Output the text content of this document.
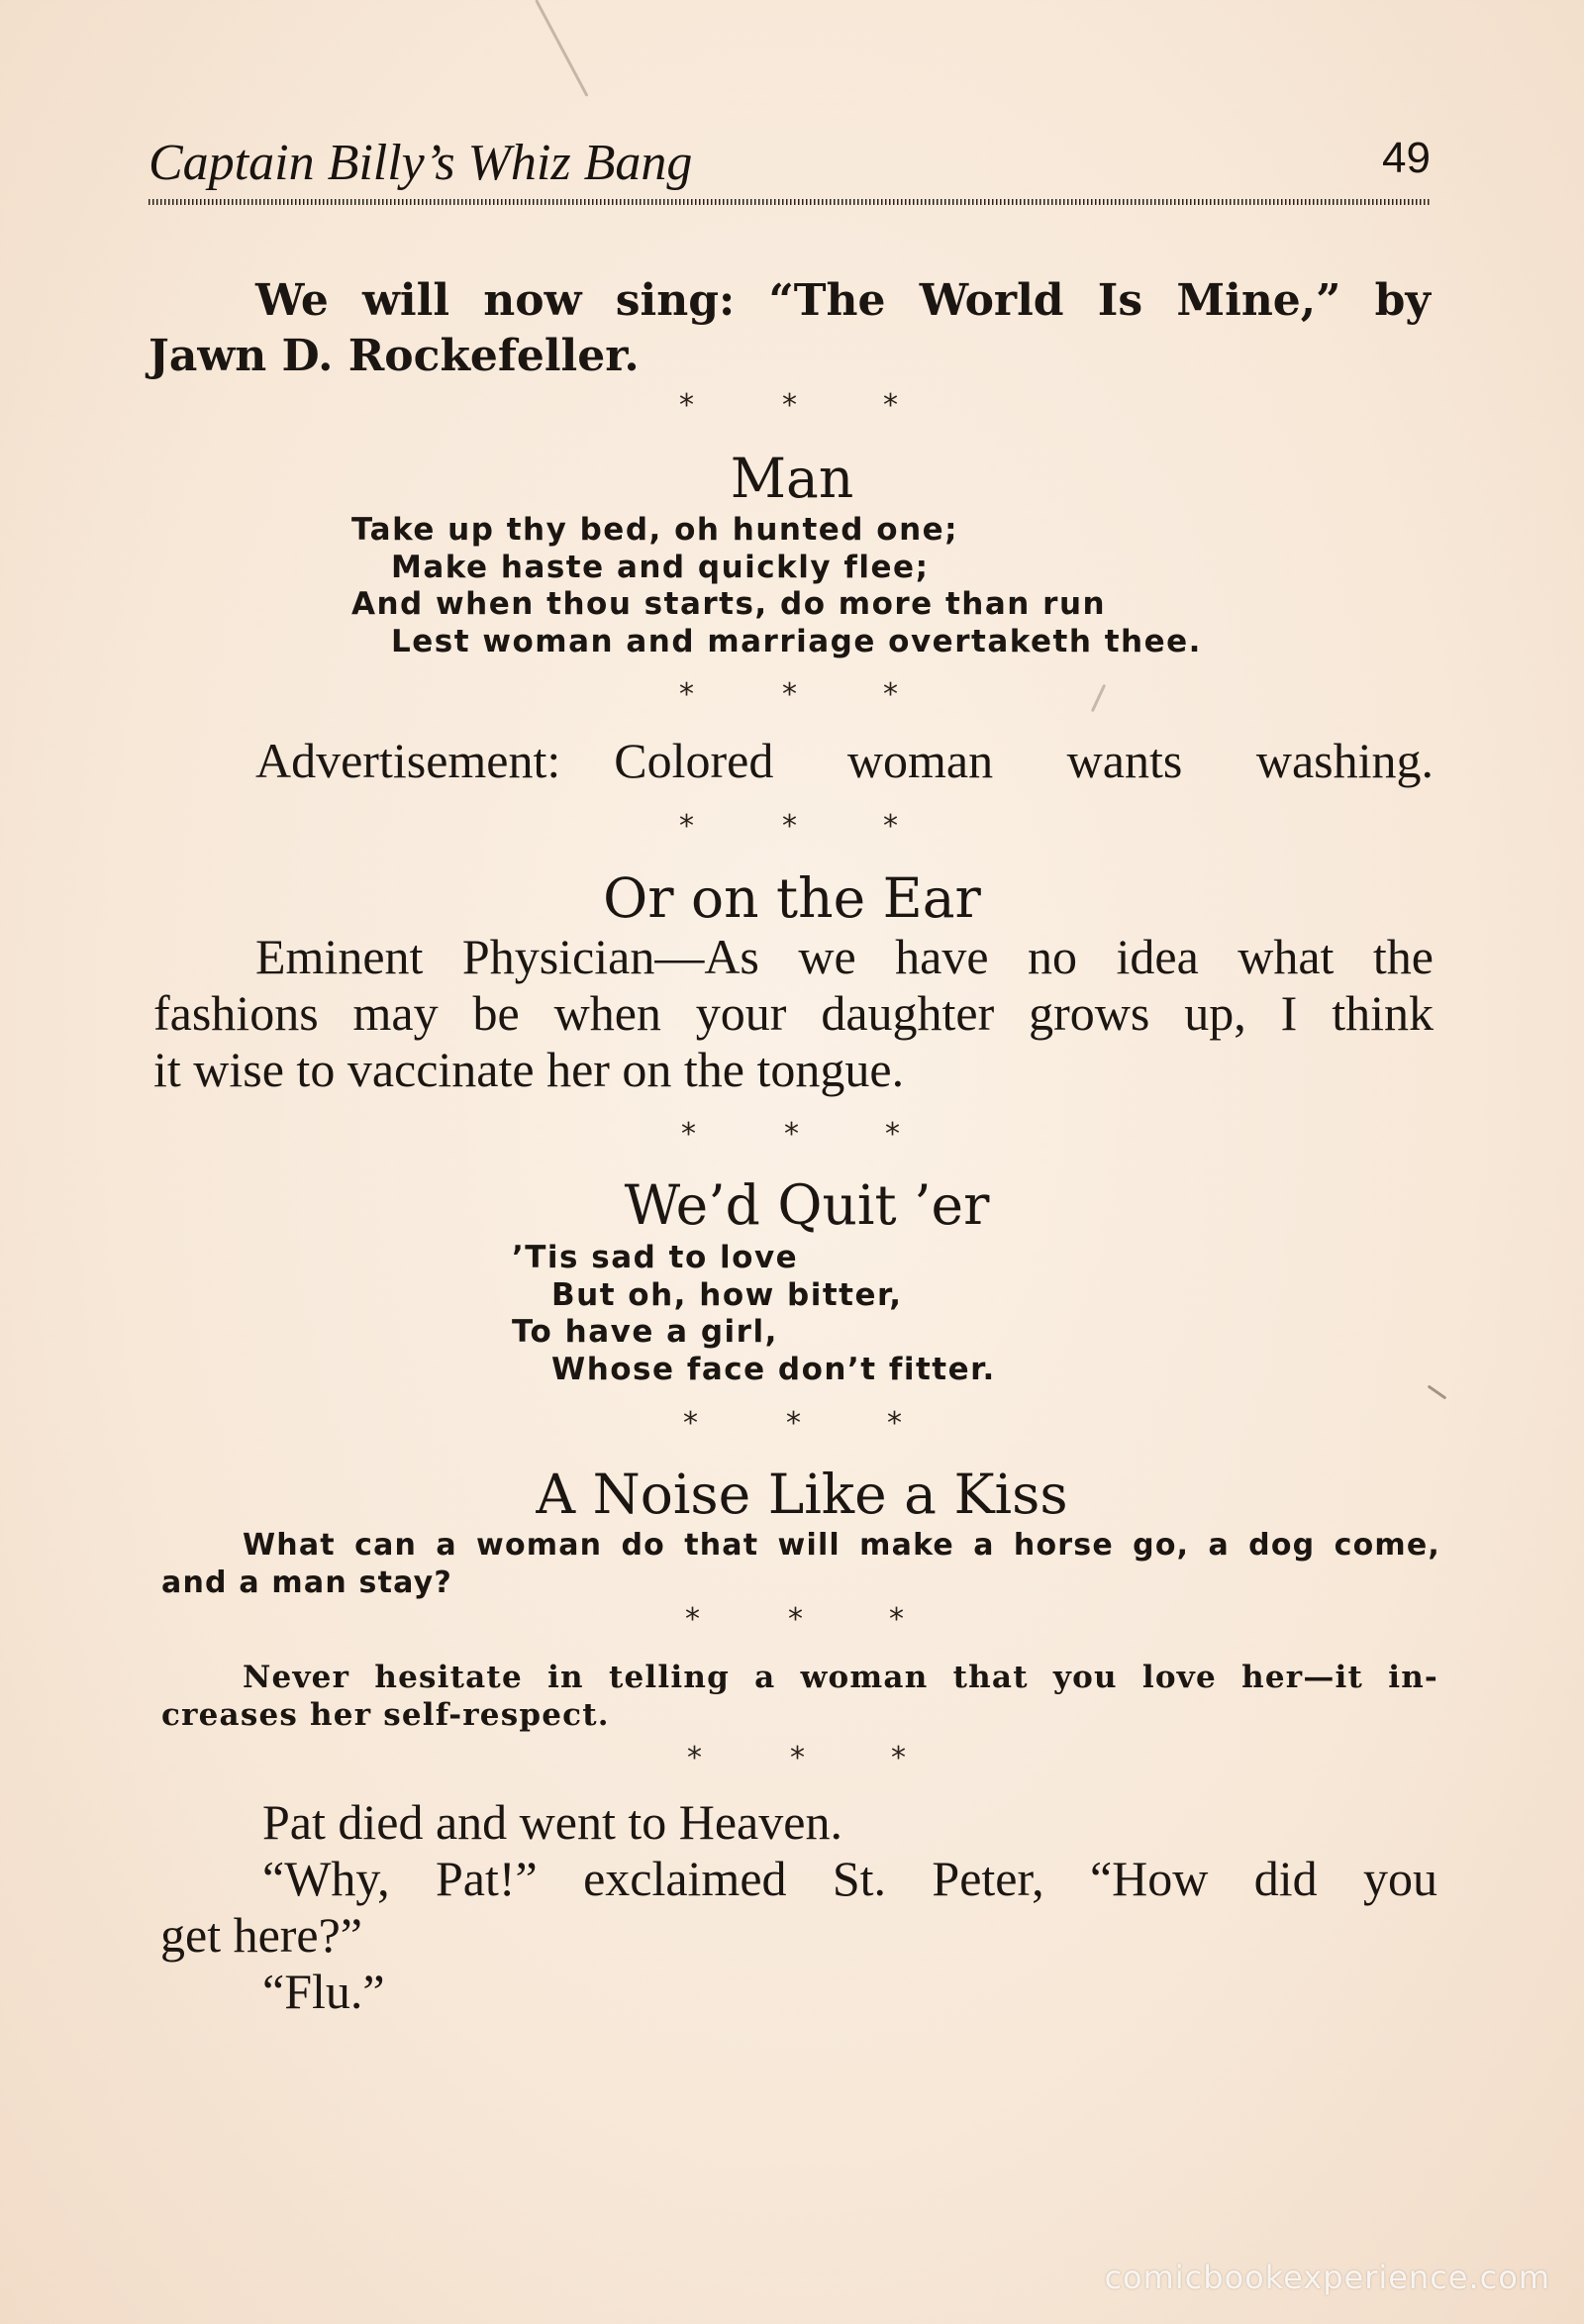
Captain Billy’s Whiz Bang	49
We will now sing: “The World Is Mine,” by
Jawn D. Rockefeller.
*	*	*
Man
Take up thy bed, oh hunted one;
Make haste and quickly flee;
And when thou starts, do more than run
Lest woman and marriage overtaketh thee.
*	*	*
Advertisement: Colored woman wants washing.
*	*	*
Or on the Ear
Eminent Physician—As we have no idea what the
fashions may be when your daughter grows up, I think
it wise to vaccinate her on the tongue.
*	*	*
We’d Quit ’er
’Tis sad to love
But oh, how bitter,
To have a girl,
Whose face don’t fitter.
*	*	*
A Noise Like a Kiss
What can a woman do that will make a horse go, a dog come,
and a man stay?
*	*	*
Never hesitate in telling a woman that you love her—it in-
creases her self-respect.
*	*	*
Pat died and went to Heaven.
“Why, Pat!” exclaimed St. Peter, “How did you
get here?”
“Flu.”
comicbookexperience.com
